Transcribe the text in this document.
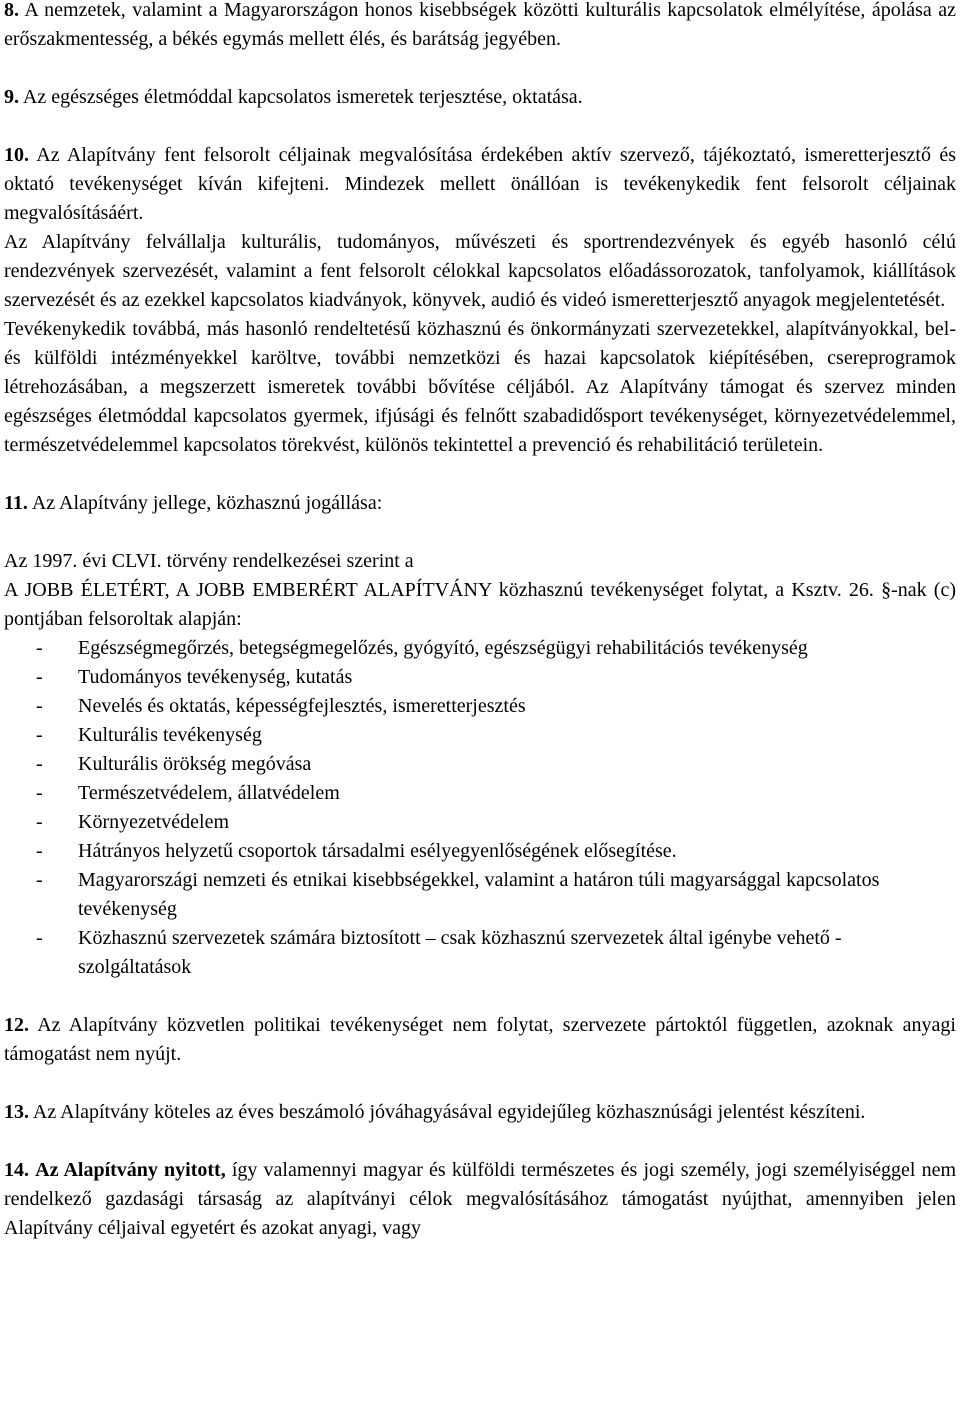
8. A nemzetek, valamint a Magyarországon honos kisebbségek közötti kulturális kapcsolatok elmélyítése, ápolása az erőszakmentesség, a békés egymás mellett élés, és barátság jegyében.

9. Az egészséges életmóddal kapcsolatos ismeretek terjesztése, oktatása.

10. Az Alapítvány fent felsorolt céljainak megvalósítása érdekében aktív szervező, tájékoztató, ismeretterjesztő és oktató tevékenységet kíván kifejteni. Mindezek mellett önállóan is tevékenykedik fent felsorolt céljainak megvalósításáért.

Az Alapítvány felvállalja kulturális, tudományos, művészeti és sportrendezvények és egyéb hasonló célú rendezvények szervezését, valamint a fent felsorolt célokkal kapcsolatos előadássorozatok, tanfolyamok, kiállítások szervezését és az ezekkel kapcsolatos kiadványok, könyvek, audió és videó ismeretterjesztő anyagok megjelentetését.

Tevékenykedik továbbá, más hasonló rendeltetésű közhasznú és önkormányzati szervezetekkel, alapítványokkal, bel- és külföldi intézményekkel karöltve, további nemzetközi és hazai kapcsolatok kiépítésében, csereprogramok létrehozásában, a megszerzett ismeretek további bővítése céljából. Az Alapítvány támogat és szervez minden egészséges életmóddal kapcsolatos gyermek, ifjúsági és felnőtt szabadidősport tevékenységet, környezetvédelemmel, természetvédelemmel kapcsolatos törekvést, különös tekintettel a prevenció és rehabilitáció területein.

11. Az Alapítvány jellege, közhasznú jogállása:

Az 1997. évi CLVI. törvény rendelkezései szerint a

A JOBB ÉLETÉRT, A JOBB EMBERÉRT ALAPÍTVÁNY közhasznú tevékenységet folytat, a Ksztv. 26. §-nak (c) pontjában felsoroltak alapján:

- Egészségmegőrzés, betegségmegelőzés, gyógyító, egészségügyi rehabilitációs tevékenység
- Tudományos tevékenység, kutatás
- Nevelés és oktatás, képességfejlesztés, ismeretterjesztés
- Kulturális tevékenység
- Kulturális örökség megóvása
- Természetvédelem, állatvédelem
- Környezetvédelem
- Hátrányos helyzetű csoportok társadalmi esélyegyenlőségének elősegítése.
- Magyarországi nemzeti és etnikai kisebbségekkel, valamint a határon túli magyarsággal kapcsolatos tevékenység
- Közhasznú szervezetek számára biztosított – csak közhasznú szervezetek által igénybe vehető - szolgáltatások

12. Az Alapítvány közvetlen politikai tevékenységet nem folytat, szervezete pártoktól független, azoknak anyagi támogatást nem nyújt.

13. Az Alapítvány köteles az éves beszámoló jóváhagyásával egyidejűleg közhasznúsági jelentést készíteni.

14. Az Alapítvány nyitott, így valamennyi magyar és külföldi természetes és jogi személy, jogi személyiséggel nem rendelkező gazdasági társaság az alapítványi célok megvalósításához támogatást nyújthat, amennyiben jelen Alapítvány céljaival egyetért és azokat anyagi, vagy
